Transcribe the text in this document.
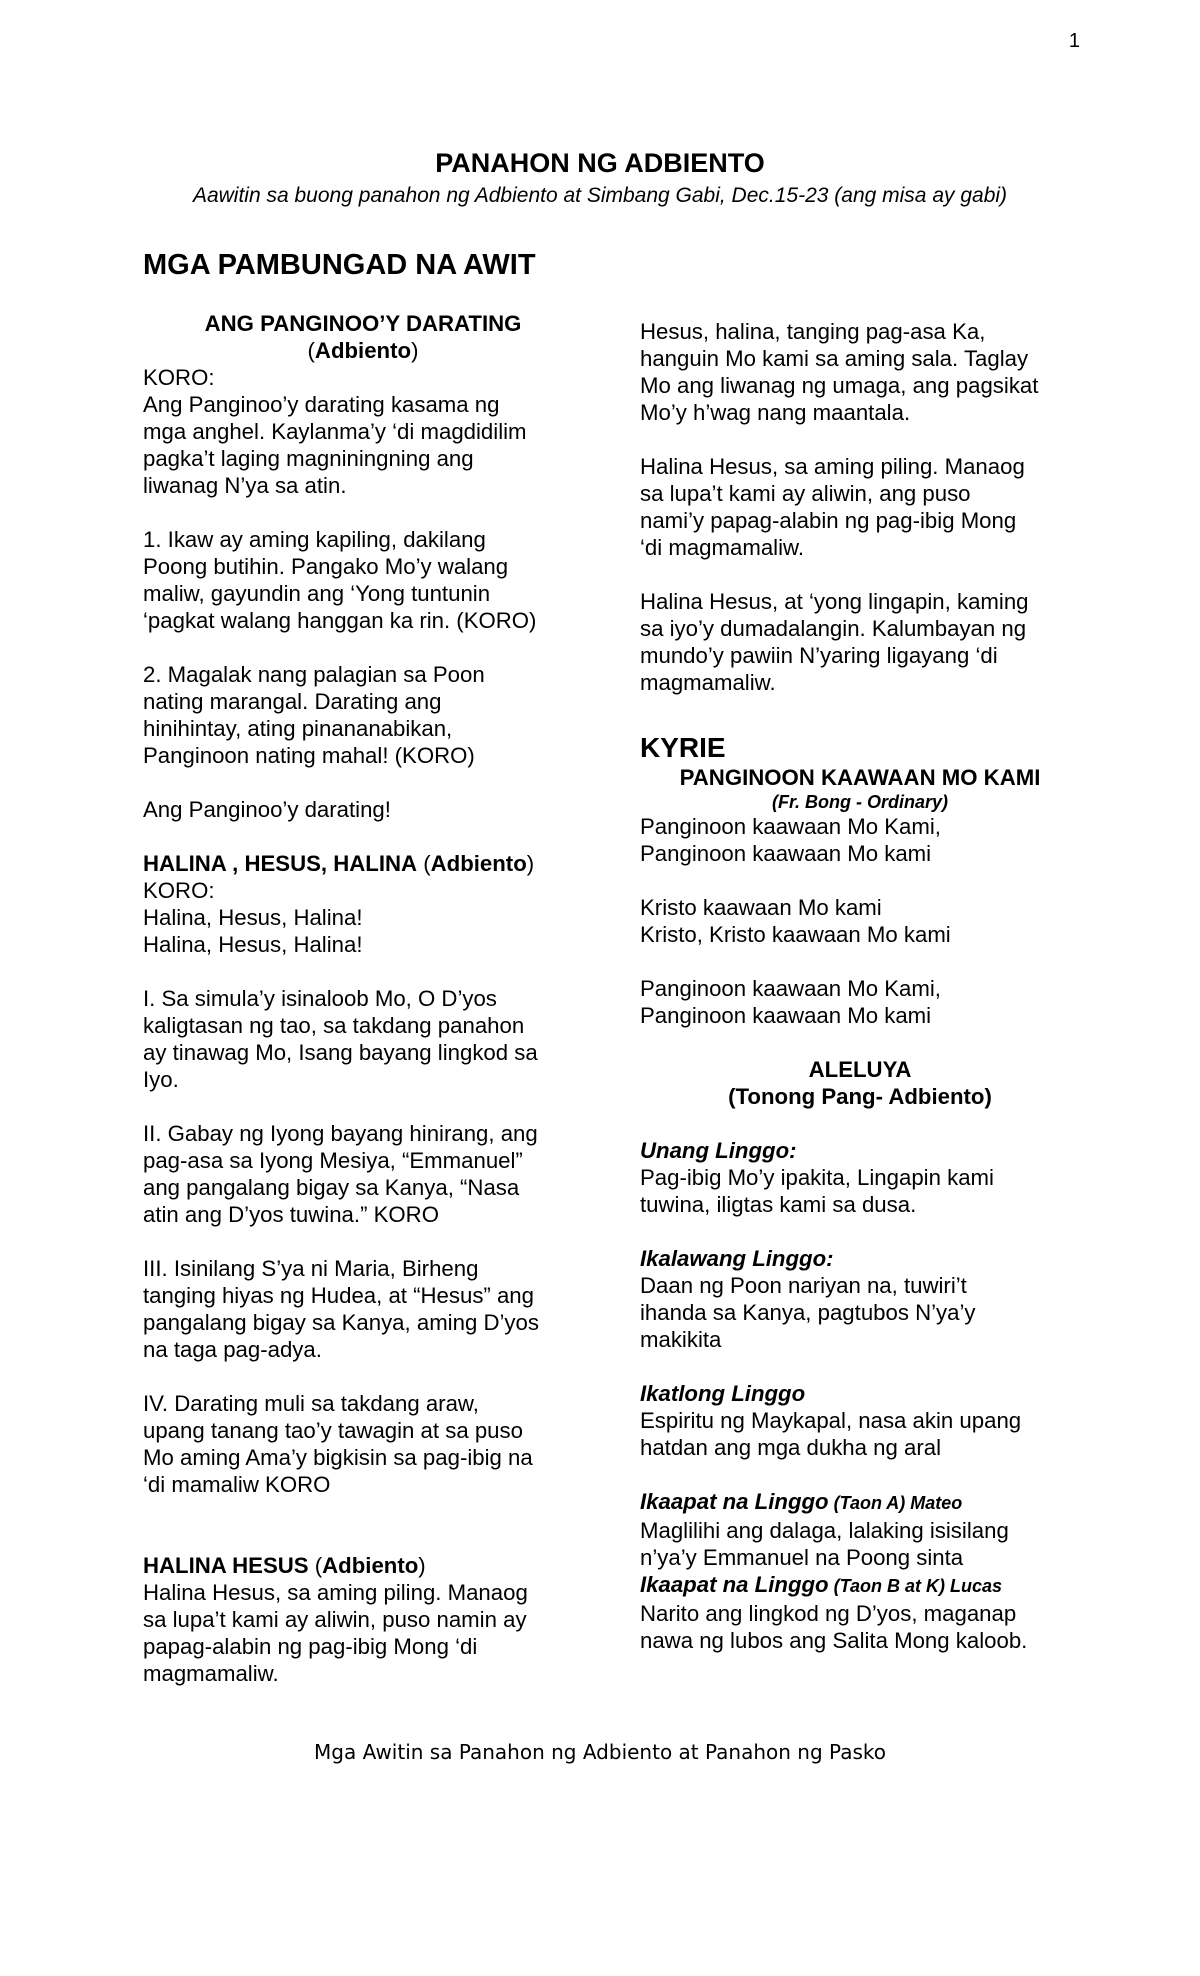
1
PANAHON NG ADBIENTO
Aawitin sa buong panahon ng Adbiento at Simbang Gabi, Dec.15-23 (ang misa ay gabi)
MGA PAMBUNGAD NA AWIT
ANG PANGINOO’Y DARATING
(Adbiento)
KORO:
Ang Panginoo’y darating kasama ng
mga anghel. Kaylanma’y ‘di magdidilim
pagka’t laging magniningning ang
liwanag N’ya sa atin.
1. Ikaw ay aming kapiling, dakilang
Poong butihin. Pangako Mo’y walang
maliw, gayundin ang ‘Yong tuntunin
‘pagkat walang hanggan ka rin. (KORO)
2. Magalak nang palagian sa Poon
nating marangal. Darating ang
hinihintay, ating pinananabikan,
Panginoon nating mahal! (KORO)
Ang Panginoo’y darating!
HALINA , HESUS, HALINA (Adbiento)
KORO:
Halina, Hesus, Halina!
Halina, Hesus, Halina!
I. Sa simula’y isinaloob Mo, O D’yos
kaligtasan ng tao, sa takdang panahon
ay tinawag Mo, Isang bayang lingkod sa
Iyo.
II. Gabay ng Iyong bayang hinirang, ang
pag-asa sa Iyong Mesiya, “Emmanuel”
ang pangalang bigay sa Kanya, “Nasa
atin ang D’yos tuwina.” KORO
III. Isinilang S’ya ni Maria, Birheng
tanging hiyas ng Hudea, at “Hesus” ang
pangalang bigay sa Kanya, aming D’yos
na taga pag-adya.
IV. Darating muli sa takdang araw,
upang tanang tao’y tawagin at sa puso
Mo aming Ama’y bigkisin sa pag-ibig na
‘di mamaliw KORO
HALINA HESUS (Adbiento)
Halina Hesus, sa aming piling. Manaog
sa lupa’t kami ay aliwin, puso namin ay
papag-alabin ng pag-ibig Mong ‘di
magmamaliw.
Hesus, halina, tanging pag-asa Ka,
hanguin Mo kami sa aming sala. Taglay
Mo ang liwanag ng umaga, ang pagsikat
Mo’y h’wag nang maantala.
Halina Hesus, sa aming piling. Manaog
sa lupa’t kami ay aliwin, ang puso
nami’y papag-alabin ng pag-ibig Mong
‘di magmamaliw.
Halina Hesus, at ‘yong lingapin, kaming
sa iyo’y dumadalangin. Kalumbayan ng
mundo’y pawiin N’yaring ligayang ‘di
magmamaliw.
KYRIE
PANGINOON KAAWAAN MO KAMI
(Fr. Bong - Ordinary)
Panginoon kaawaan Mo Kami,
Panginoon kaawaan Mo kami
Kristo kaawaan Mo kami
Kristo, Kristo kaawaan Mo kami
Panginoon kaawaan Mo Kami,
Panginoon kaawaan Mo kami
ALELUYA
(Tonong Pang- Adbiento)
Unang Linggo:
Pag-ibig Mo’y ipakita, Lingapin kami
tuwina, iligtas kami sa dusa.
Ikalawang Linggo:
Daan ng Poon nariyan na, tuwiri’t
ihanda sa Kanya, pagtubos N’ya’y
makikita
Ikatlong Linggo
Espiritu ng Maykapal, nasa akin upang
hatdan ang mga dukha ng aral
Ikaapat na Linggo (Taon A) Mateo
Maglilihi ang dalaga, lalaking isisilang
n’ya’y Emmanuel na Poong sinta
Ikaapat na Linggo (Taon B at K) Lucas
Narito ang lingkod ng D’yos, maganap
nawa ng lubos ang Salita Mong kaloob.
Mga Awitin sa Panahon ng Adbiento at Panahon ng Pasko
